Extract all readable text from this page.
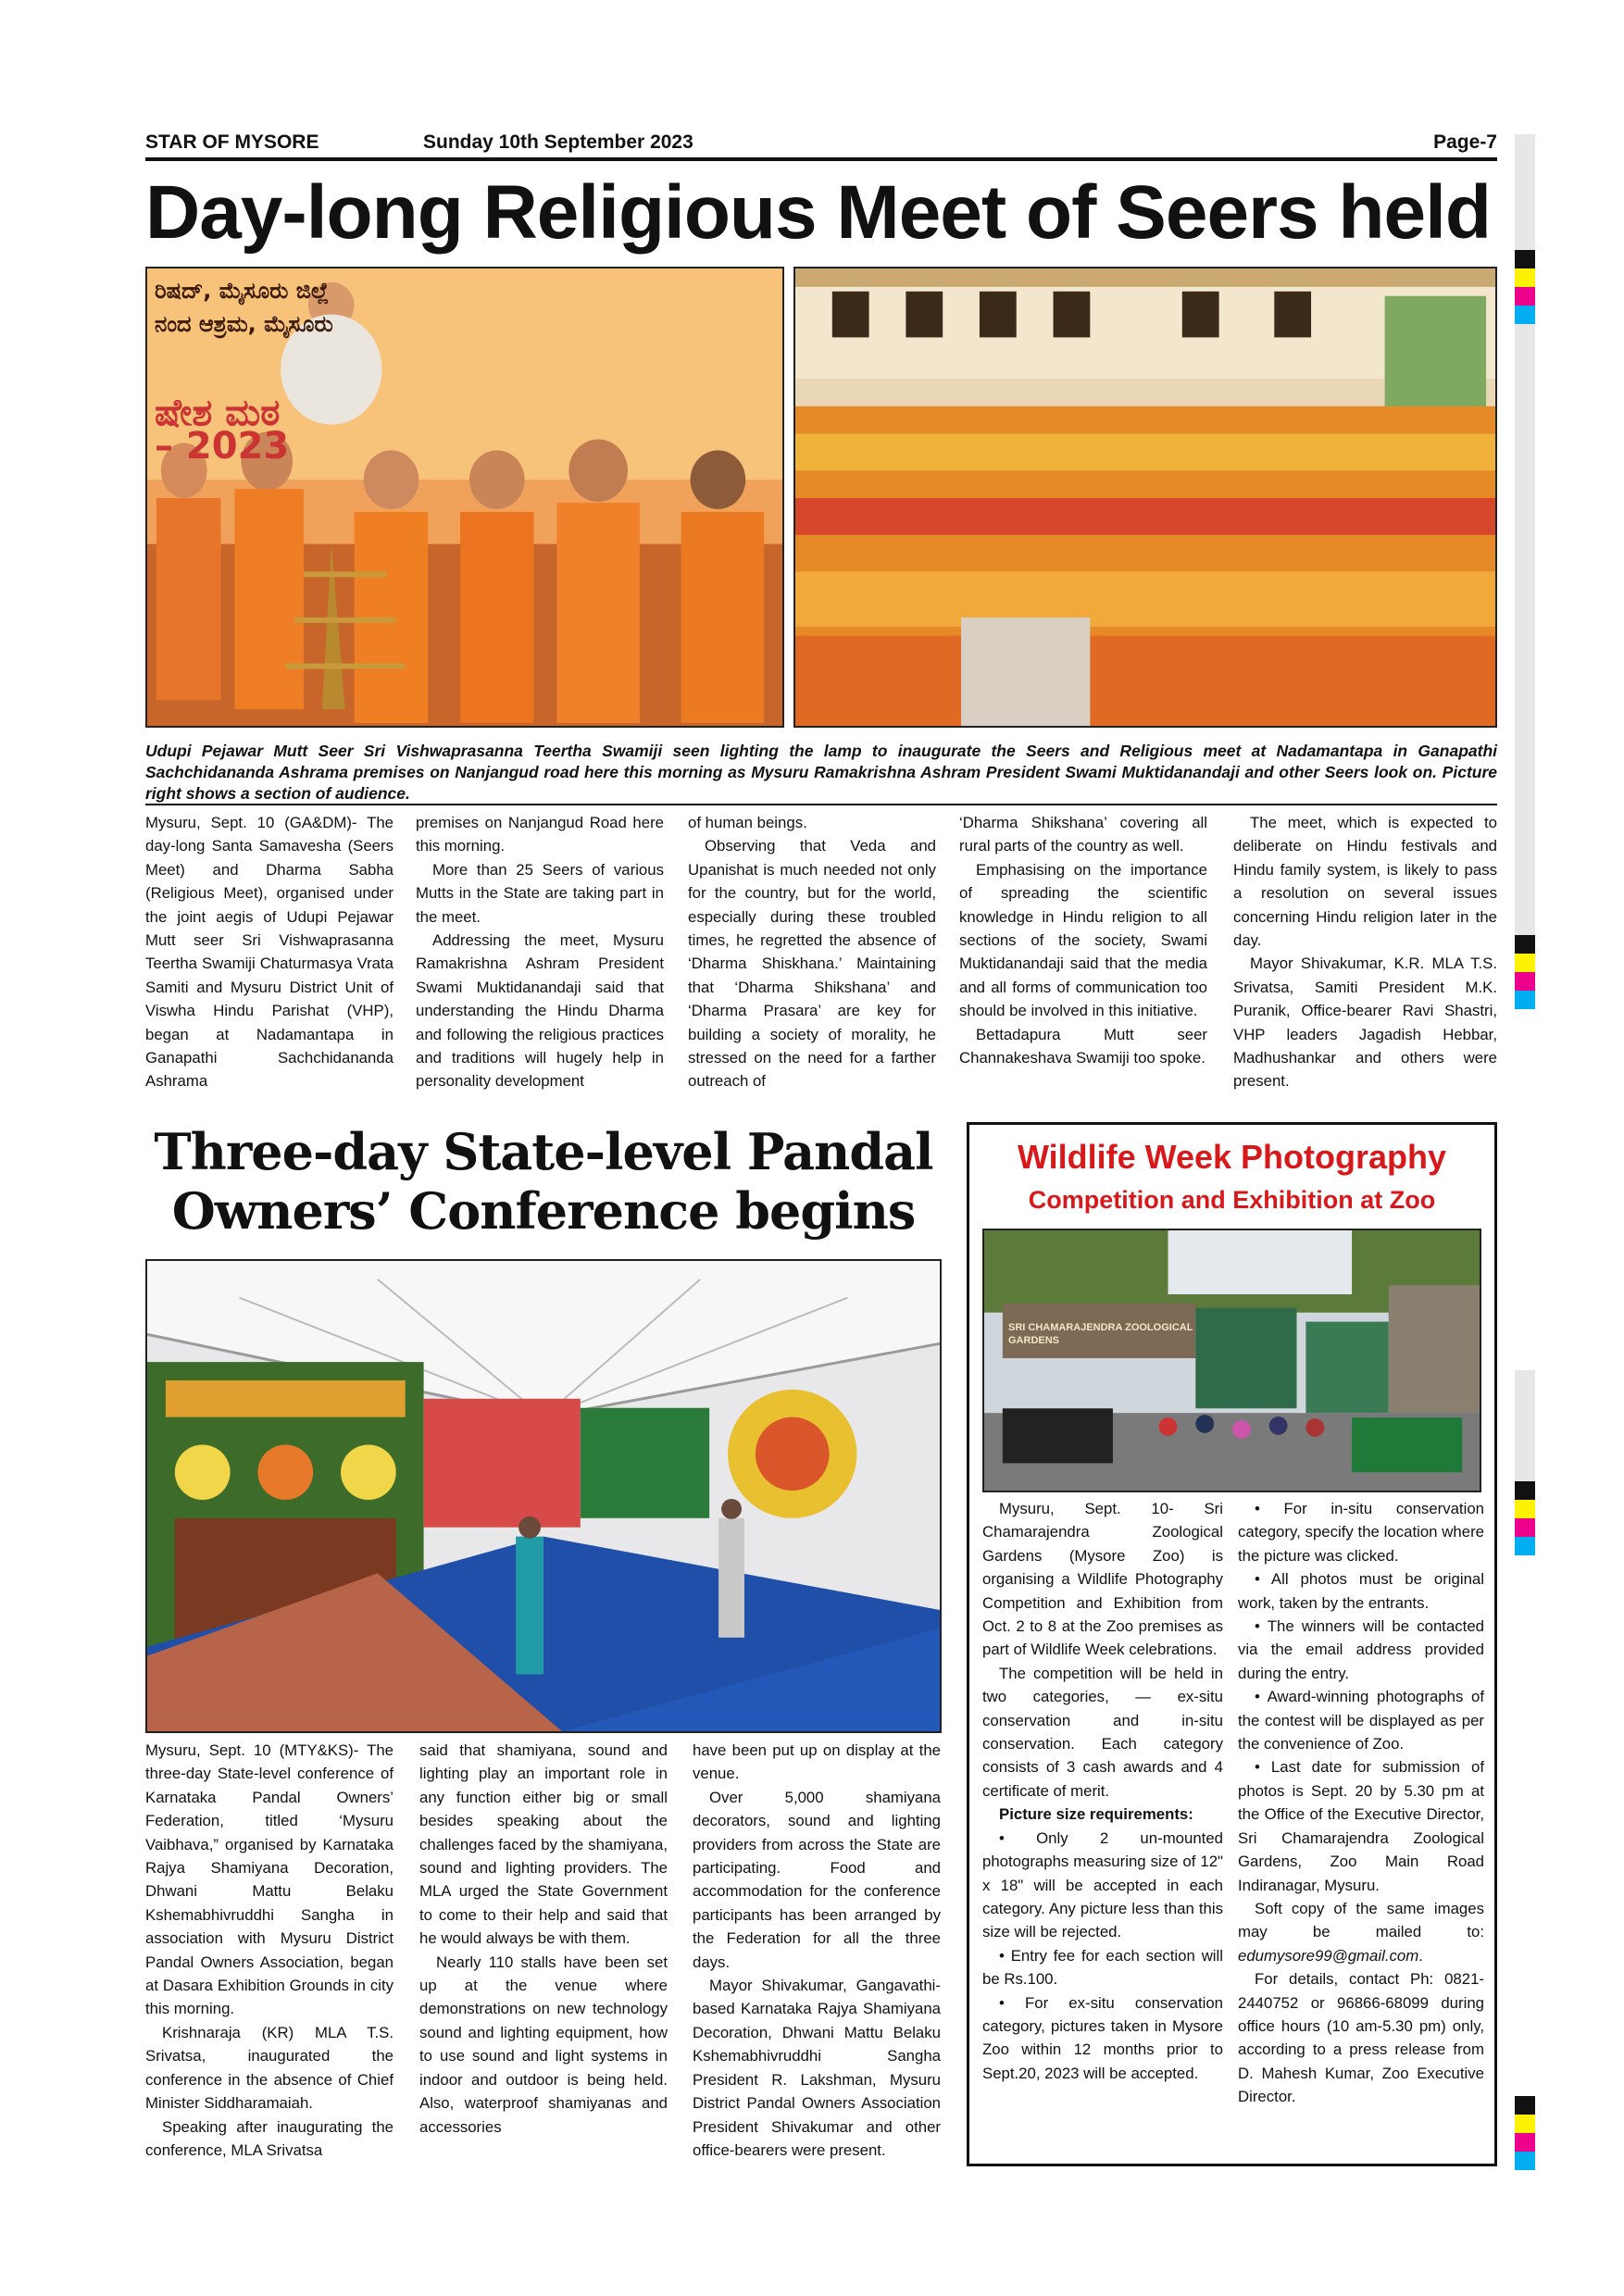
STAR OF MYSORE	Sunday 10th September 2023	Page-7
Day-long Religious Meet of Seers held
ರಿಷದ್, ಮೈಸೂರು ಜಿಲ್ಲೆ
ನಂದ ಆಶ್ರಮ, ಮೈಸೂರು
ಷೇಶ ಮಠ
– 2023
Udupi Pejawar Mutt Seer Sri Vishwaprasanna Teertha Swamiji seen lighting the lamp to inaugurate the Seers and Religious meet at Nadamantapa in Ganapathi Sachchidananda Ashrama premises on Nanjangud road here this morning as Mysuru Ramakrishna Ashram President Swami Muktidanandaji and other Seers look on. Picture right shows a section of audience.

Mysuru, Sept. 10 (GA&DM)- The day-long Santa Samavesha (Seers Meet) and Dharma Sabha (Religious Meet), organised under the joint aegis of Udupi Pejawar Mutt seer Sri Vishwaprasanna Teertha Swamiji Chaturmasya Vrata Samiti and Mysuru District Unit of Viswha Hindu Parishat (VHP), began at Nadamantapa in Ganapathi Sachchidananda Ashrama

premises on Nanjangud Road here this morning.

More than 25 Seers of various Mutts in the State are taking part in the meet.

Addressing the meet, Mysuru Ramakrishna Ashram President Swami Muktidanandaji said that understanding the Hindu Dharma and following the religious practices and traditions will hugely help in personality development

of human beings.

Observing that Veda and Upanishat is much needed not only for the country, but for the world, especially during these troubled times, he regretted the absence of ‘Dharma Shiskhana.’ Maintaining that ‘Dharma Shikshana’ and ‘Dharma Prasara’ are key for building a society of morality, he stressed on the need for a farther outreach of

‘Dharma Shikshana’ covering all rural parts of the country as well.

Emphasising on the importance of spreading the scientific knowledge in Hindu religion to all sections of the society, Swami Muktidanandaji said that the media and all forms of communication too should be involved in this initiative.

Bettadapura Mutt seer Channakeshava Swamiji too spoke.

The meet, which is expected to deliberate on Hindu festivals and Hindu family system, is likely to pass a resolution on several issues concerning Hindu religion later in the day.

Mayor Shivakumar, K.R. MLA T.S. Srivatsa, Samiti President M.K. Puranik, Office-bearer Ravi Shastri, VHP leaders Jagadish Hebbar, Madhushankar and others were present.

Three-day State-level Pandal
Owners’ Conference begins

Mysuru, Sept. 10 (MTY&KS)- The three-day State-level conference of Karnataka Pandal Owners’ Federation, titled ‘Mysuru Vaibhava,” organised by Karnataka Rajya Shamiyana Decoration, Dhwani Mattu Belaku Kshemabhivruddhi Sangha in association with Mysuru District Pandal Owners Association, began at Dasara Exhibition Grounds in city this morning.

Krishnaraja (KR) MLA T.S. Srivatsa, inaugurated the conference in the absence of Chief Minister Siddharamaiah.

Speaking after inaugurating the conference, MLA Srivatsa

said that shamiyana, sound and lighting play an important role in any function either big or small besides speaking about the challenges faced by the shamiyana, sound and lighting providers. The MLA urged the State Government to come to their help and said that he would always be with them.

Nearly 110 stalls have been set up at the venue where demonstrations on new technology sound and lighting equipment, how to use sound and light systems in indoor and outdoor is being held. Also, waterproof shamiyanas and accessories

have been put up on display at the venue.

Over 5,000 shamiyana decorators, sound and lighting providers from across the State are participating. Food and accommodation for the conference participants has been arranged by the Federation for all the three days.

Mayor Shivakumar, Gangavathi-based Karnataka Rajya Shamiyana Decoration, Dhwani Mattu Belaku Kshemabhivruddhi Sangha President R. Lakshman, Mysuru District Pandal Owners Association President Shivakumar and other office-bearers were present.

Wildlife Week Photography
Competition and Exhibition at Zoo
SRI CHAMARAJENDRA ZOOLOGICAL GARDENS

Mysuru, Sept. 10- Sri Chamarajendra Zoological Gardens (Mysore Zoo) is organising a Wildlife Photography Competition and Exhibition from Oct. 2 to 8 at the Zoo premises as part of Wildlife Week celebrations.

The competition will be held in two categories, — ex-situ conservation and in-situ conservation. Each category consists of 3 cash awards and 4 certificate of merit.

Picture size requirements:

• Only 2 un-mounted photographs measuring size of 12" x 18" will be accepted in each category. Any picture less than this size will be rejected.

• Entry fee for each section will be Rs.100.

• For ex-situ conservation category, pictures taken in Mysore Zoo within 12 months prior to Sept.20, 2023 will be accepted.

• For in-situ conservation category, specify the location where the picture was clicked.

• All photos must be original work, taken by the entrants.

• The winners will be contacted via the email address provided during the entry.

• Award-winning photographs of the contest will be displayed as per the convenience of Zoo.

• Last date for submission of photos is Sept. 20 by 5.30 pm at the Office of the Executive Director, Sri Chamarajendra Zoological Gardens, Zoo Main Road Indiranagar, Mysuru.

Soft copy of the same images may be mailed to: edumysore99@gmail.com.

For details, contact Ph: 0821-2440752 or 96866-68099 during office hours (10 am-5.30 pm) only, according to a press release from D. Mahesh Kumar, Zoo Executive Director.
